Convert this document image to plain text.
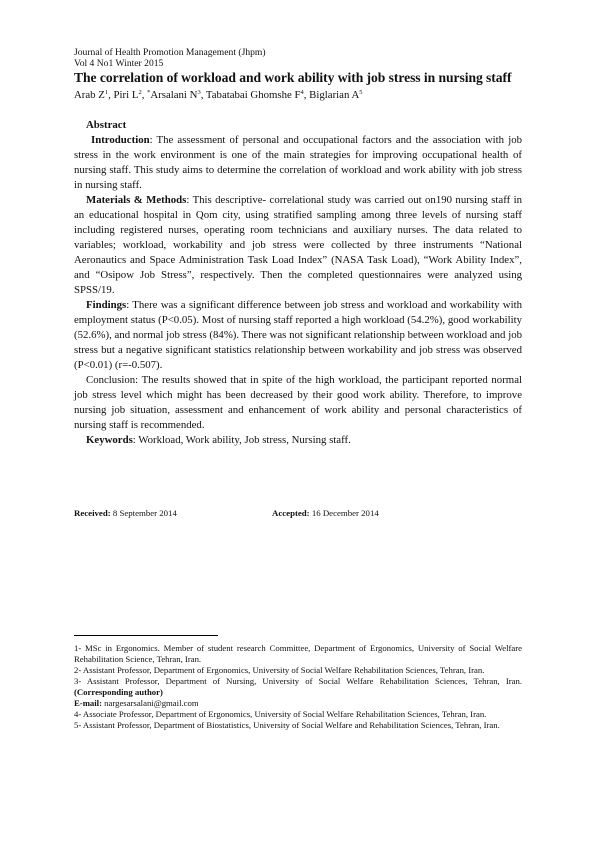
Journal of Health Promotion Management (Jhpm)
Vol 4 No1 Winter 2015
The correlation of workload and work ability with job stress in nursing staff
Arab $Z^1$, Piri $L^2$, *Arsalani $N^3$, Tabatabai Ghomshe $F^4$, Biglarian $A^5$

Abstract

Introduction: The assessment of personal and occupational factors and the association with job stress in the work environment is one of the main strategies for improving occupational health of nursing staff. This study aims to determine the correlation of workload and work ability with job stress in nursing staff.

Materials & Methods: This descriptive- correlational study was carried out on190 nursing staff in an educational hospital in Qom city, using stratified sampling among three levels of nursing staff including registered nurses, operating room technicians and auxiliary nurses. The data related to variables; workload, workability and job stress were collected by three instruments “National Aeronautics and Space Administration Task Load Index” (NASA Task Load), “Work Ability Index”, and “Osipow Job Stress”, respectively. Then the completed questionnaires were analyzed using SPSS/19.

Findings: There was a significant difference between job stress and workload and workability with employment status (P<0.05). Most of nursing staff reported a high workload (54.2%), good workability (52.6%), and normal job stress (84%). There was not significant relationship between workload and job stress but a negative significant statistics relationship between workability and job stress was observed (P<0.01) (r=-0.507).

Conclusion: The results showed that in spite of the high workload, the participant reported normal job stress level which might has been decreased by their good work ability. Therefore, to improve nursing job situation, assessment and enhancement of work ability and personal characteristics of nursing staff is recommended.

Keywords: Workload, Work ability, Job stress, Nursing staff.

Received: 8 September 2014	Accepted: 16 December 2014

1- MSc in Ergonomics. Member of student research Committee, Department of Ergonomics, University of Social Welfare Rehabilitation Science, Tehran, Iran.

2- Assistant Professor, Department of Ergonomics, University of Social Welfare Rehabilitation Sciences, Tehran, Iran.

3- Assistant Professor, Department of Nursing, University of Social Welfare Rehabilitation Sciences, Tehran, Iran. (Corresponding author)

E-mail: nargesarsalani@gmail.com

4- Associate Professor, Department of Ergonomics, University of Social Welfare Rehabilitation Sciences, Tehran, Iran.

5- Assistant Professor, Department of Biostatistics, University of Social Welfare and Rehabilitation Sciences, Tehran, Iran.
